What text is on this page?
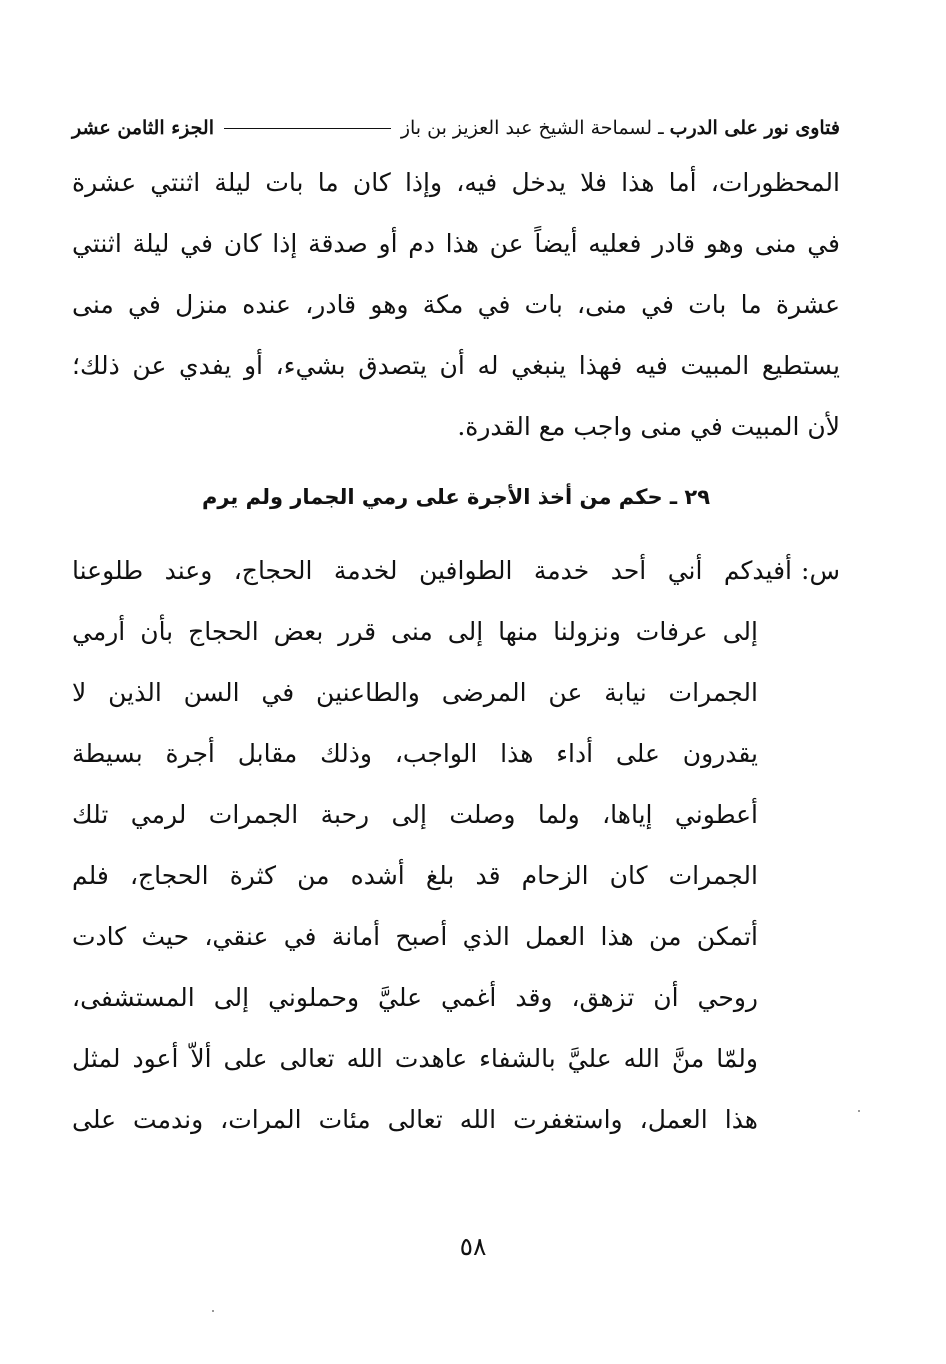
فتاوى نور على الدرب
ـ لسماحة الشيخ عبد العزيز بن باز
الجزء الثامن عشر
المحظورات، أما هذا فلا يدخل فيه، وإذا كان ما بات ليلة اثنتي عشرة
في منى وهو قادر فعليه أيضاً عن هذا دم أو صدقة إذا كان في ليلة اثنتي
عشرة ما بات في منى، بات في مكة وهو قادر، عنده منزل في منى
يستطيع المبيت فيه فهذا ينبغي له أن يتصدق بشيء، أو يفدي عن ذلك؛
لأن المبيت في منى واجب مع القدرة.
٢٩ ـ حكم من أخذ الأجرة على رمي الجمار ولم يرم
س:
أفيدكم أني أحد خدمة الطوافين لخدمة الحجاج، وعند طلوعنا
إلى عرفات ونزولنا منها إلى منى قرر بعض الحجاج بأن أرمي
الجمرات نيابة عن المرضى والطاعنين في السن الذين لا
يقدرون على أداء هذا الواجب، وذلك مقابل أجرة بسيطة
أعطوني إياها، ولما وصلت إلى رحبة الجمرات لرمي تلك
الجمرات كان الزحام قد بلغ أشده من كثرة الحجاج، فلم
أتمكن من هذا العمل الذي أصبح أمانة في عنقي، حيث كادت
روحي أن تزهق، وقد أغمي عليَّ وحملوني إلى المستشفى،
ولمّا منَّ الله عليَّ بالشفاء عاهدت الله تعالى على ألاّ أعود لمثل
هذا العمل، واستغفرت الله تعالى مئات المرات، وندمت على
٥٨
